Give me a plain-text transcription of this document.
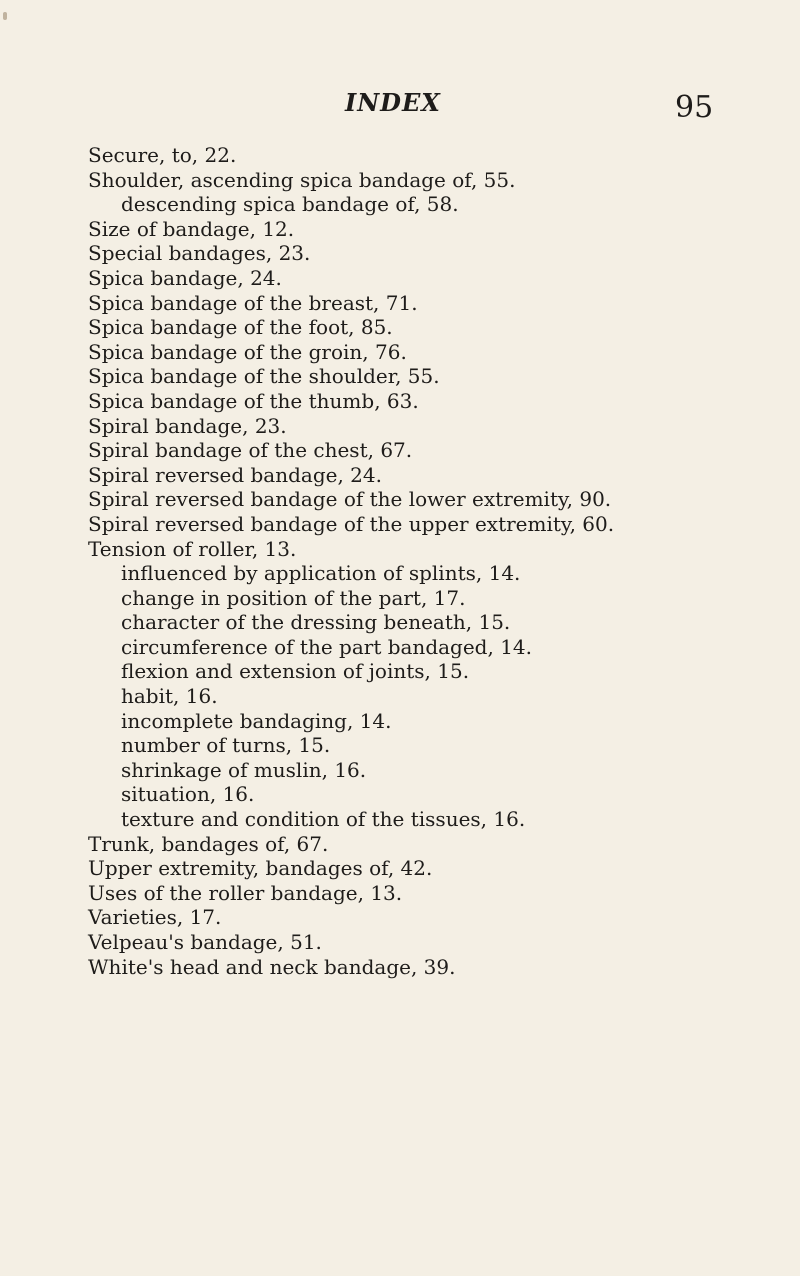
INDEX	95
Secure, to, 22.
Shoulder, ascending spica bandage of, 55.
descending spica bandage of, 58.
Size of bandage, 12.
Special bandages, 23.
Spica bandage, 24.
Spica bandage of the breast, 71.
Spica bandage of the foot, 85.
Spica bandage of the groin, 76.
Spica bandage of the shoulder, 55.
Spica bandage of the thumb, 63.
Spiral bandage, 23.
Spiral bandage of the chest, 67.
Spiral reversed bandage, 24.
Spiral reversed bandage of the lower extremity, 90.
Spiral reversed bandage of the upper extremity, 60.
Tension of roller, 13.
influenced by application of splints, 14.
change in position of the part, 17.
character of the dressing beneath, 15.
circumference of the part bandaged, 14.
flexion and extension of joints, 15.
habit, 16.
incomplete bandaging, 14.
number of turns, 15.
shrinkage of muslin, 16.
situation, 16.
texture and condition of the tissues, 16.
Trunk, bandages of, 67.
Upper extremity, bandages of, 42.
Uses of the roller bandage, 13.
Varieties, 17.
Velpeau's bandage, 51.
White's head and neck bandage, 39.
